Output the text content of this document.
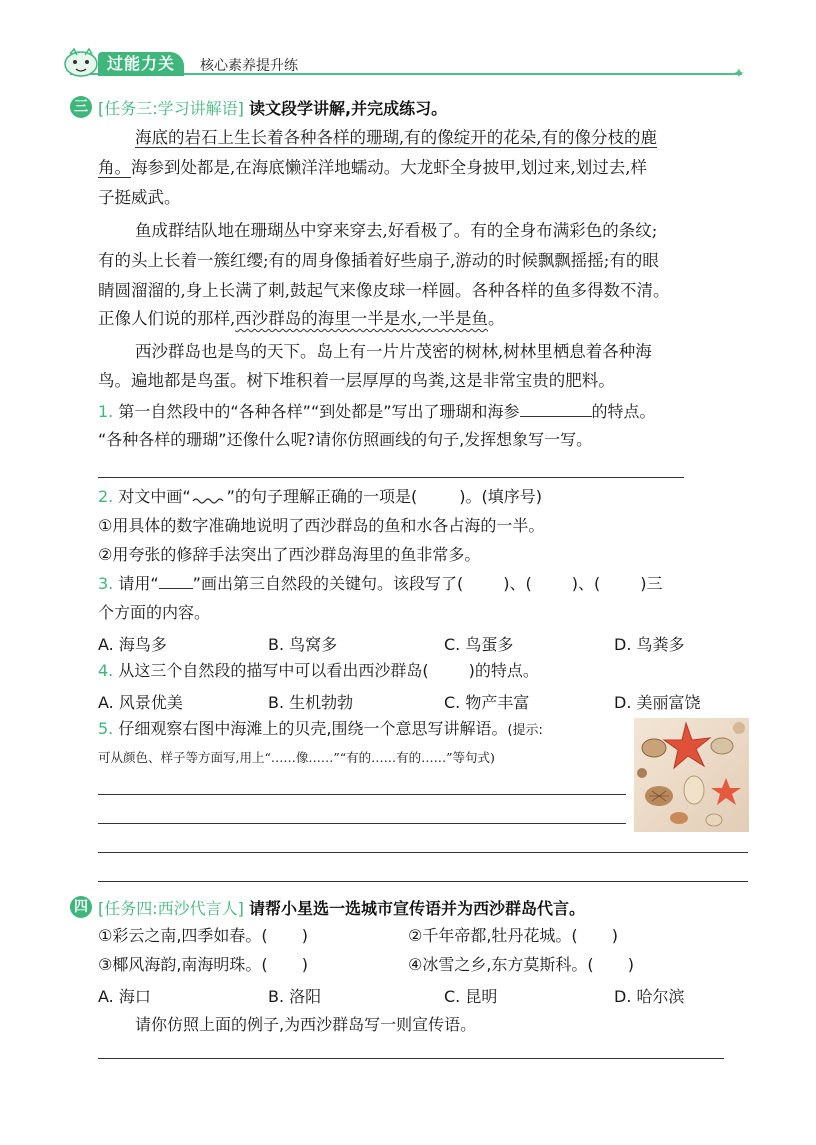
过能力关	核心素养提升练	✦
三 [任务三:学习讲解语] 读文段学讲解,并完成练习。
海底的岩石上生长着各种各样的珊瑚,有的像绽开的花朵,有的像分枝的鹿
角。海参到处都是,在海底懒洋洋地蠕动。大龙虾全身披甲,划过来,划过去,样
子挺威武。
鱼成群结队地在珊瑚丛中穿来穿去,好看极了。有的全身布满彩色的条纹;
有的头上长着一簇红缨;有的周身像插着好些扇子,游动的时候飘飘摇摇;有的眼
睛圆溜溜的,身上长满了刺,鼓起气来像皮球一样圆。各种各样的鱼多得数不清。
正像人们说的那样,西沙群岛的海里一半是水,一半是鱼。
西沙群岛也是鸟的天下。岛上有一片片茂密的树林,树林里栖息着各种海
鸟。遍地都是鸟蛋。树下堆积着一层厚厚的鸟粪,这是非常宝贵的肥料。
1. 第一自然段中的“各种各样”“到处都是”写出了珊瑚和海参	的特点。
“各种各样的珊瑚”还像什么呢?请你仿照画线的句子,发挥想象写一写。
2. 对文中画“ ”的句子理解正确的一项是(	)。(填序号)
①用具体的数字准确地说明了西沙群岛的鱼和水各占海的一半。
②用夸张的修辞手法突出了西沙群岛海里的鱼非常多。
3. 请用“ ”画出第三自然段的关键句。该段写了(	)、(	)、(	)三
个方面的内容。
A. 海鸟多	B. 鸟窝多	C. 鸟蛋多	D. 鸟粪多
4. 从这三个自然段的描写中可以看出西沙群岛(	)的特点。
A. 风景优美	B. 生机勃勃	C. 物产丰富	D. 美丽富饶
5. 仔细观察右图中海滩上的贝壳,围绕一个意思写讲解语。(提示:
可从颜色、样子等方面写,用上“……像……”“有的……有的……”等句式)
四 [任务四:西沙代言人] 请帮小星选一选城市宣传语并为西沙群岛代言。
①彩云之南,四季如春。( )	②千年帝都,牡丹花城。( )
③椰风海韵,南海明珠。( )	④冰雪之乡,东方莫斯科。( )
A. 海口	B. 洛阳	C. 昆明	D. 哈尔滨
请你仿照上面的例子,为西沙群岛写一则宣传语。
